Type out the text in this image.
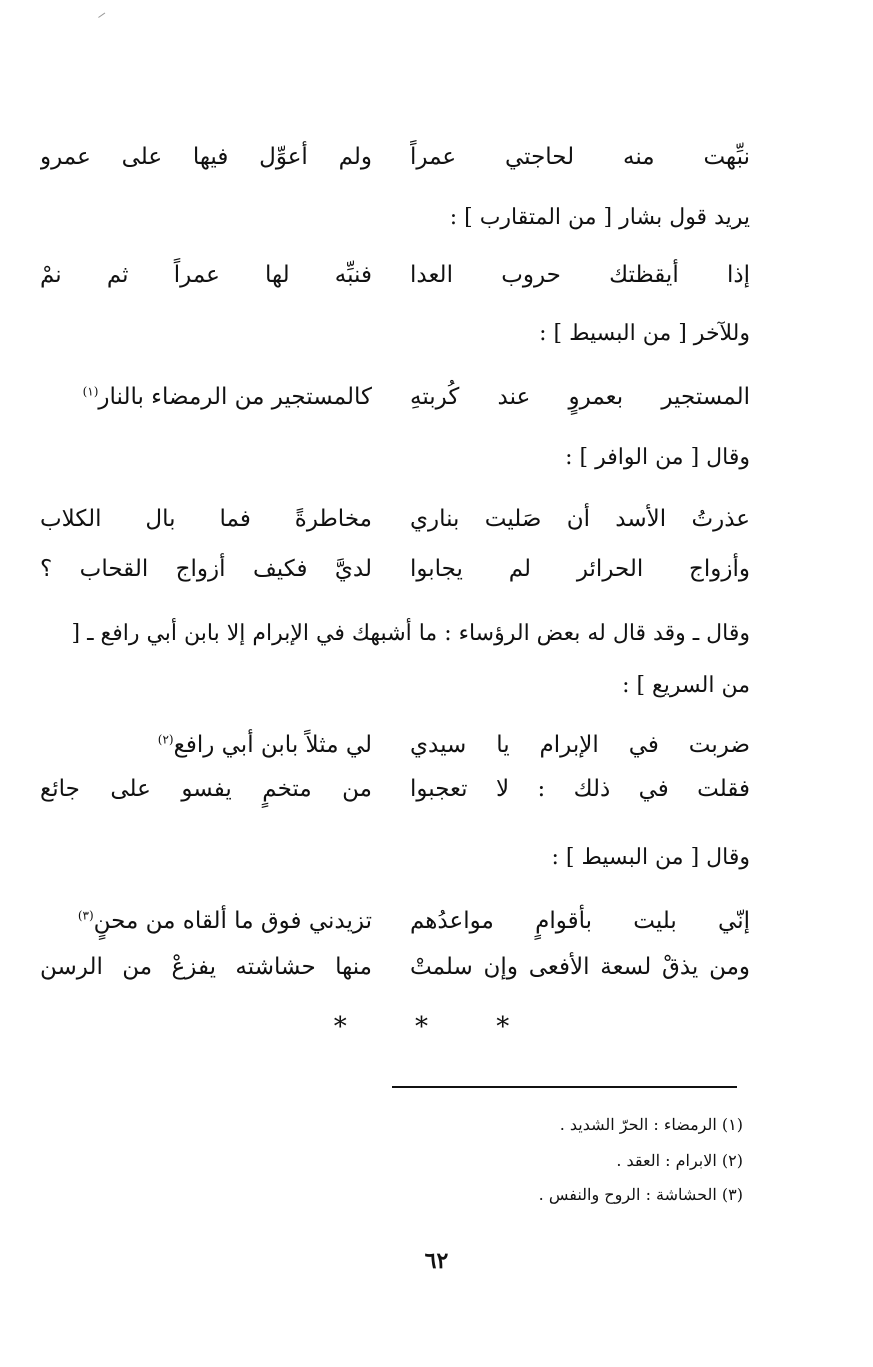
نبِّهت منه لحاجتي عمراً
ولم أعوِّل فيها على عمرو
يريد قول بشار [ من المتقارب ] :
إذا أيقظتك حروب العدا
فنبِّه لها عمراً ثم نمْ
وللآخر [ من البسيط ] :
المستجير بعمروٍ عند كُربتهِ
كالمستجير من الرمضاء بالنار$^{(١)}$
وقال [ من الوافر ] :
عذرتُ الأسد أن صَليت بناري
مخاطرةً فما بال الكلاب
وأزواج الحرائر لم يجابوا
لديَّ فكيف أزواج القحاب ؟
وقال ـ وقد قال له بعض الرؤساء : ما أشبهك في الإبرام إلا بابن أبي رافع ـ [ من السريع ] :
ضربت في الإبرام يا سيدي
لي مثلاً بابن أبي رافع$^{(٢)}$
فقلت في ذلك : لا تعجبوا
من متخمٍ يفسو على جائع
وقال [ من البسيط ] :
إنّي بليت بأقوامٍ مواعدُهم
تزيدني فوق ما ألقاه من محنٍ$^{(٣)}$
ومن يذقْ لسعة الأفعى وإن سلمتْ
منها حشاشته يفزعْ من الرسن
* * *
(١) الرمضاء : الحرّ الشديد .
(٢) الابرام : العقد .
(٣) الحشاشة : الروح والنفس .
٦٢
